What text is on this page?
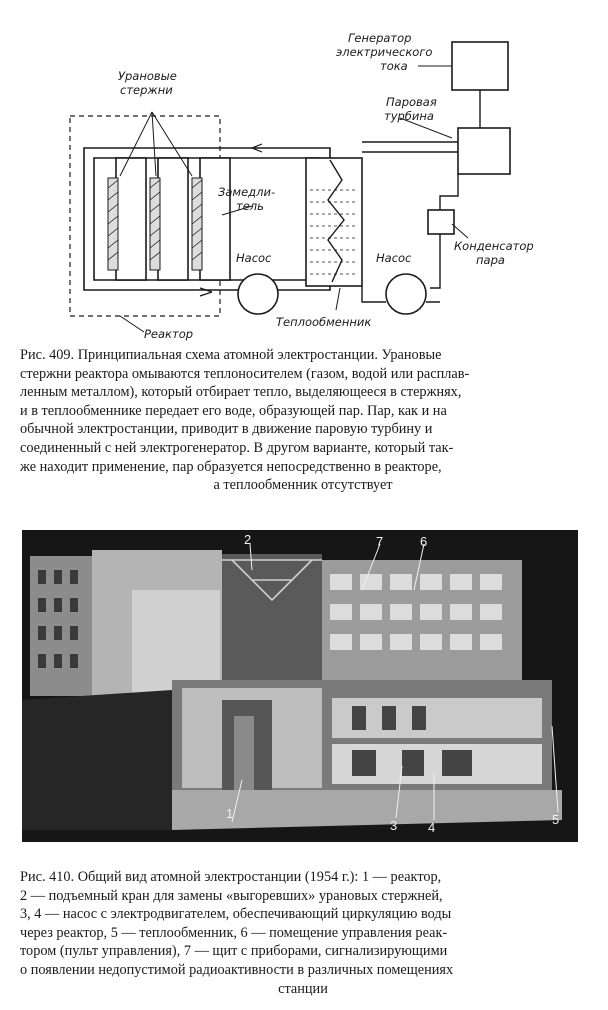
Урановые
стержни
Замедли-
тель
Насос	Насос
Реактор
Теплообменник
Генератор
электрического
тока
Паровая
турбина
Конденсатор
пара

Рис. 409. Принципиальная схема атомной электростанции. Урановые

стержни реактора омываются теплоносителем (газом, водой или расплав-

ленным металлом), который отбирает тепло, выделяющееся в стержнях,

и в теплообменнике передает его воде, образующей пар. Пар, как и на

обычной электростанции, приводит в движение паровую турбину и

соединенный с ней электрогенератор. В другом варианте, который так-

же находит применение, пар образуется непосредственно в реакторе,

а теплообменник отсутствует

2	7	6
1
3 4
5

Рис. 410. Общий вид атомной электростанции (1954 г.): 1 — реактор,

2 — подъемный кран для замены «выгоревших» урановых стержней,

3, 4 — насос с электродвигателем, обеспечивающий циркуляцию воды

через реактор, 5 — теплообменник, 6 — помещение управления реак-

тором (пульт управления), 7 — щит с приборами, сигнализирующими

о появлении недопустимой радиоактивности в различных помещениях

станции
